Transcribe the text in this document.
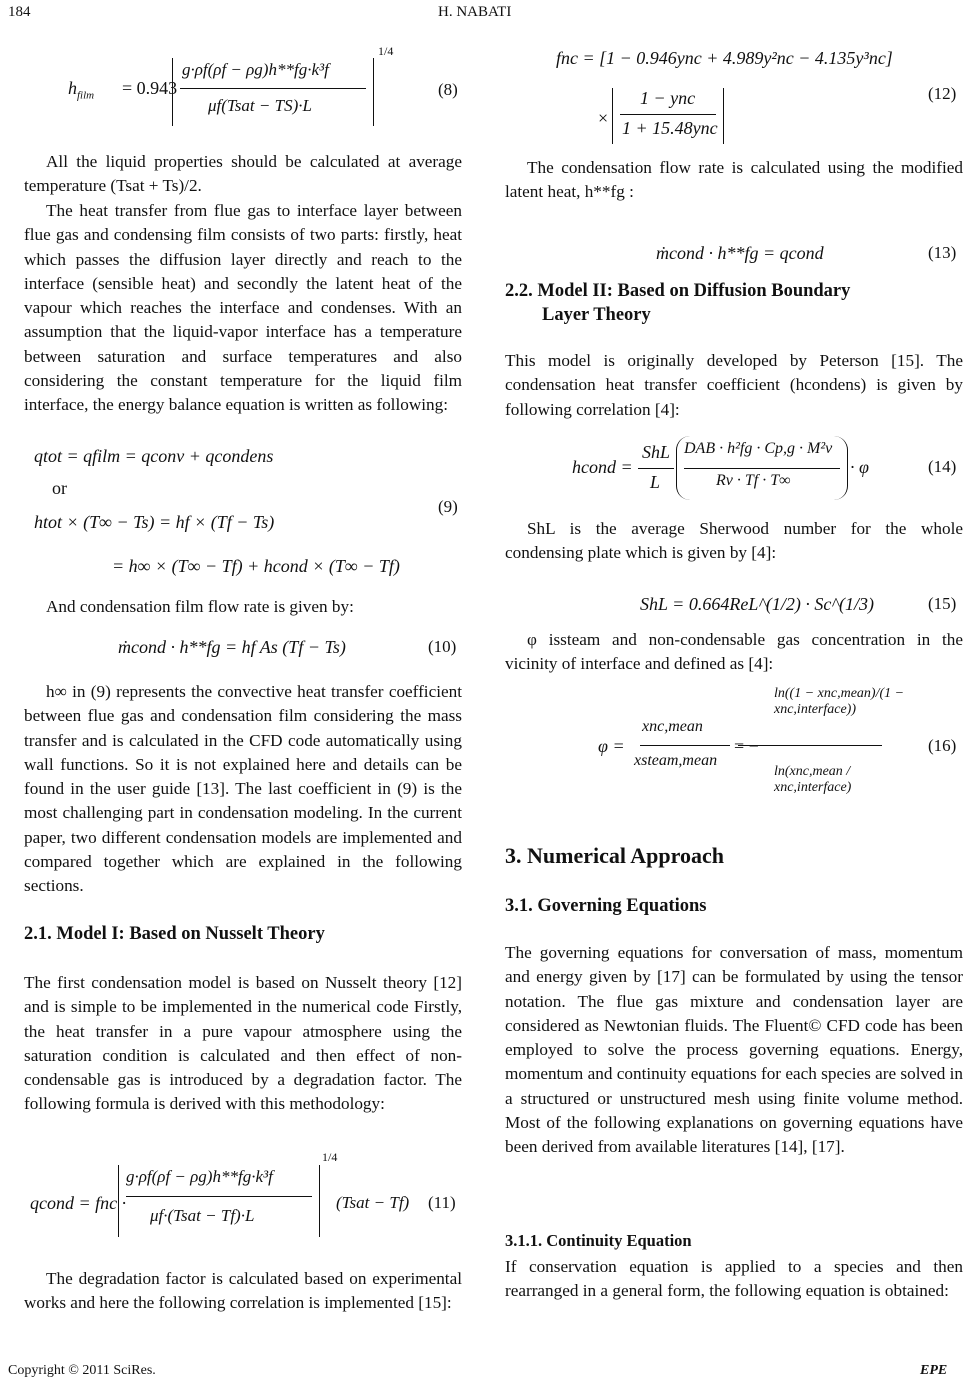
184	H. NABATI
$h_{film} = 0.943$
g·ρf(ρf − ρg)h**fg·k³f
μf(Tsat − TS)·L
1/4
(8)

All the liquid properties should be calculated at average temperature (Tsat + Ts)/2.

The heat transfer from flue gas to interface layer between flue gas and condensing film consists of two parts: firstly, heat which passes the diffusion layer directly and reach to the interface (sensible heat) and secondly the latent heat of the vapour which reaches the interface and condenses. With an assumption that the liquid-vapor interface has a temperature between saturation and surface temperatures and also considering the constant temperature for the liquid film interface, the energy balance equation is written as following:

qtot = qfilm = qconv + qcondens
or
htot × (T∞ − Ts) = hf × (Tf − Ts)
= h∞ × (T∞ − Tf) + hcond × (T∞ − Tf)
(9)

And condensation film flow rate is given by:

ṁcond · h**fg = hf As (Tf − Ts)	(10)

h∞ in (9) represents the convective heat transfer coefficient between flue gas and condensation film considering the mass transfer and is calculated in the CFD code automatically using wall functions. So it is not explained here and details can be found in the user guide [13]. The last coefficient in (9) is the most challenging part in condensation modeling. In the current paper, two different condensation models are implemented and compared together which are explained in the following sections.

2.1. Model I: Based on Nusselt Theory

The first condensation model is based on Nusselt theory [12] and is simple to be implemented in the numerical code Firstly, the heat transfer in a pure vapour atmosphere using the saturation condition is calculated and then effect of non-condensable gas is introduced by a degradation factor. The following formula is derived with this methodology:

qcond = fnc ·
g·ρf(ρf − ρg)h**fg·k³f
μf·(Tsat − Tf)·L
1/4
(Tsat − Tf) (11)

The degradation factor is calculated based on experimental works and here the following correlation is implemented [15]:

fnc = [1 − 0.946ync + 4.989y²nc − 4.135y³nc]
×
1 − ync
1 + 15.48ync
(12)

The condensation flow rate is calculated using the modified latent heat, h**fg :

ṁcond · h**fg = qcond	(13)
2.2. Model II: Based on Diffusion Boundary
Layer Theory

This model is originally developed by Peterson [15]. The condensation heat transfer coefficient (hcondens) is given by following correlation [4]:

hcond =
ShL
L
DAB · h²fg · Cp,g · M²v
Rv · Tf · T∞
· φ	(14)

ShL is the average Sherwood number for the whole condensing plate which is given by [4]:

ShL = 0.664ReL^(1/2) · Sc^(1/3)	(15)

φ issteam and non-condensable gas concentration in the vicinity of interface and defined as [4]:

φ =
xnc,mean
xsteam,mean
= −
ln((1 − xnc,mean)/(1 − xnc,interface))
ln(xnc,mean / xnc,interface)
(16)
3. Numerical Approach
3.1. Governing Equations

The governing equations for conversation of mass, momentum and energy given by [17] can be formulated by using the tensor notation. The flue gas mixture and condensation layer are considered as Newtonian fluids. The Fluent© CFD code has been employed to solve the process governing equations. Energy, momentum and continuity equations for each species are solved in a structured or unstructured mesh using finite volume method. Most of the following explanations on governing equations have been derived from available literatures [14], [17].

3.1.1. Continuity Equation

If conservation equation is applied to a species and then rearranged in a general form, the following equation is obtained:

Copyright © 2011 SciRes.	EPE
